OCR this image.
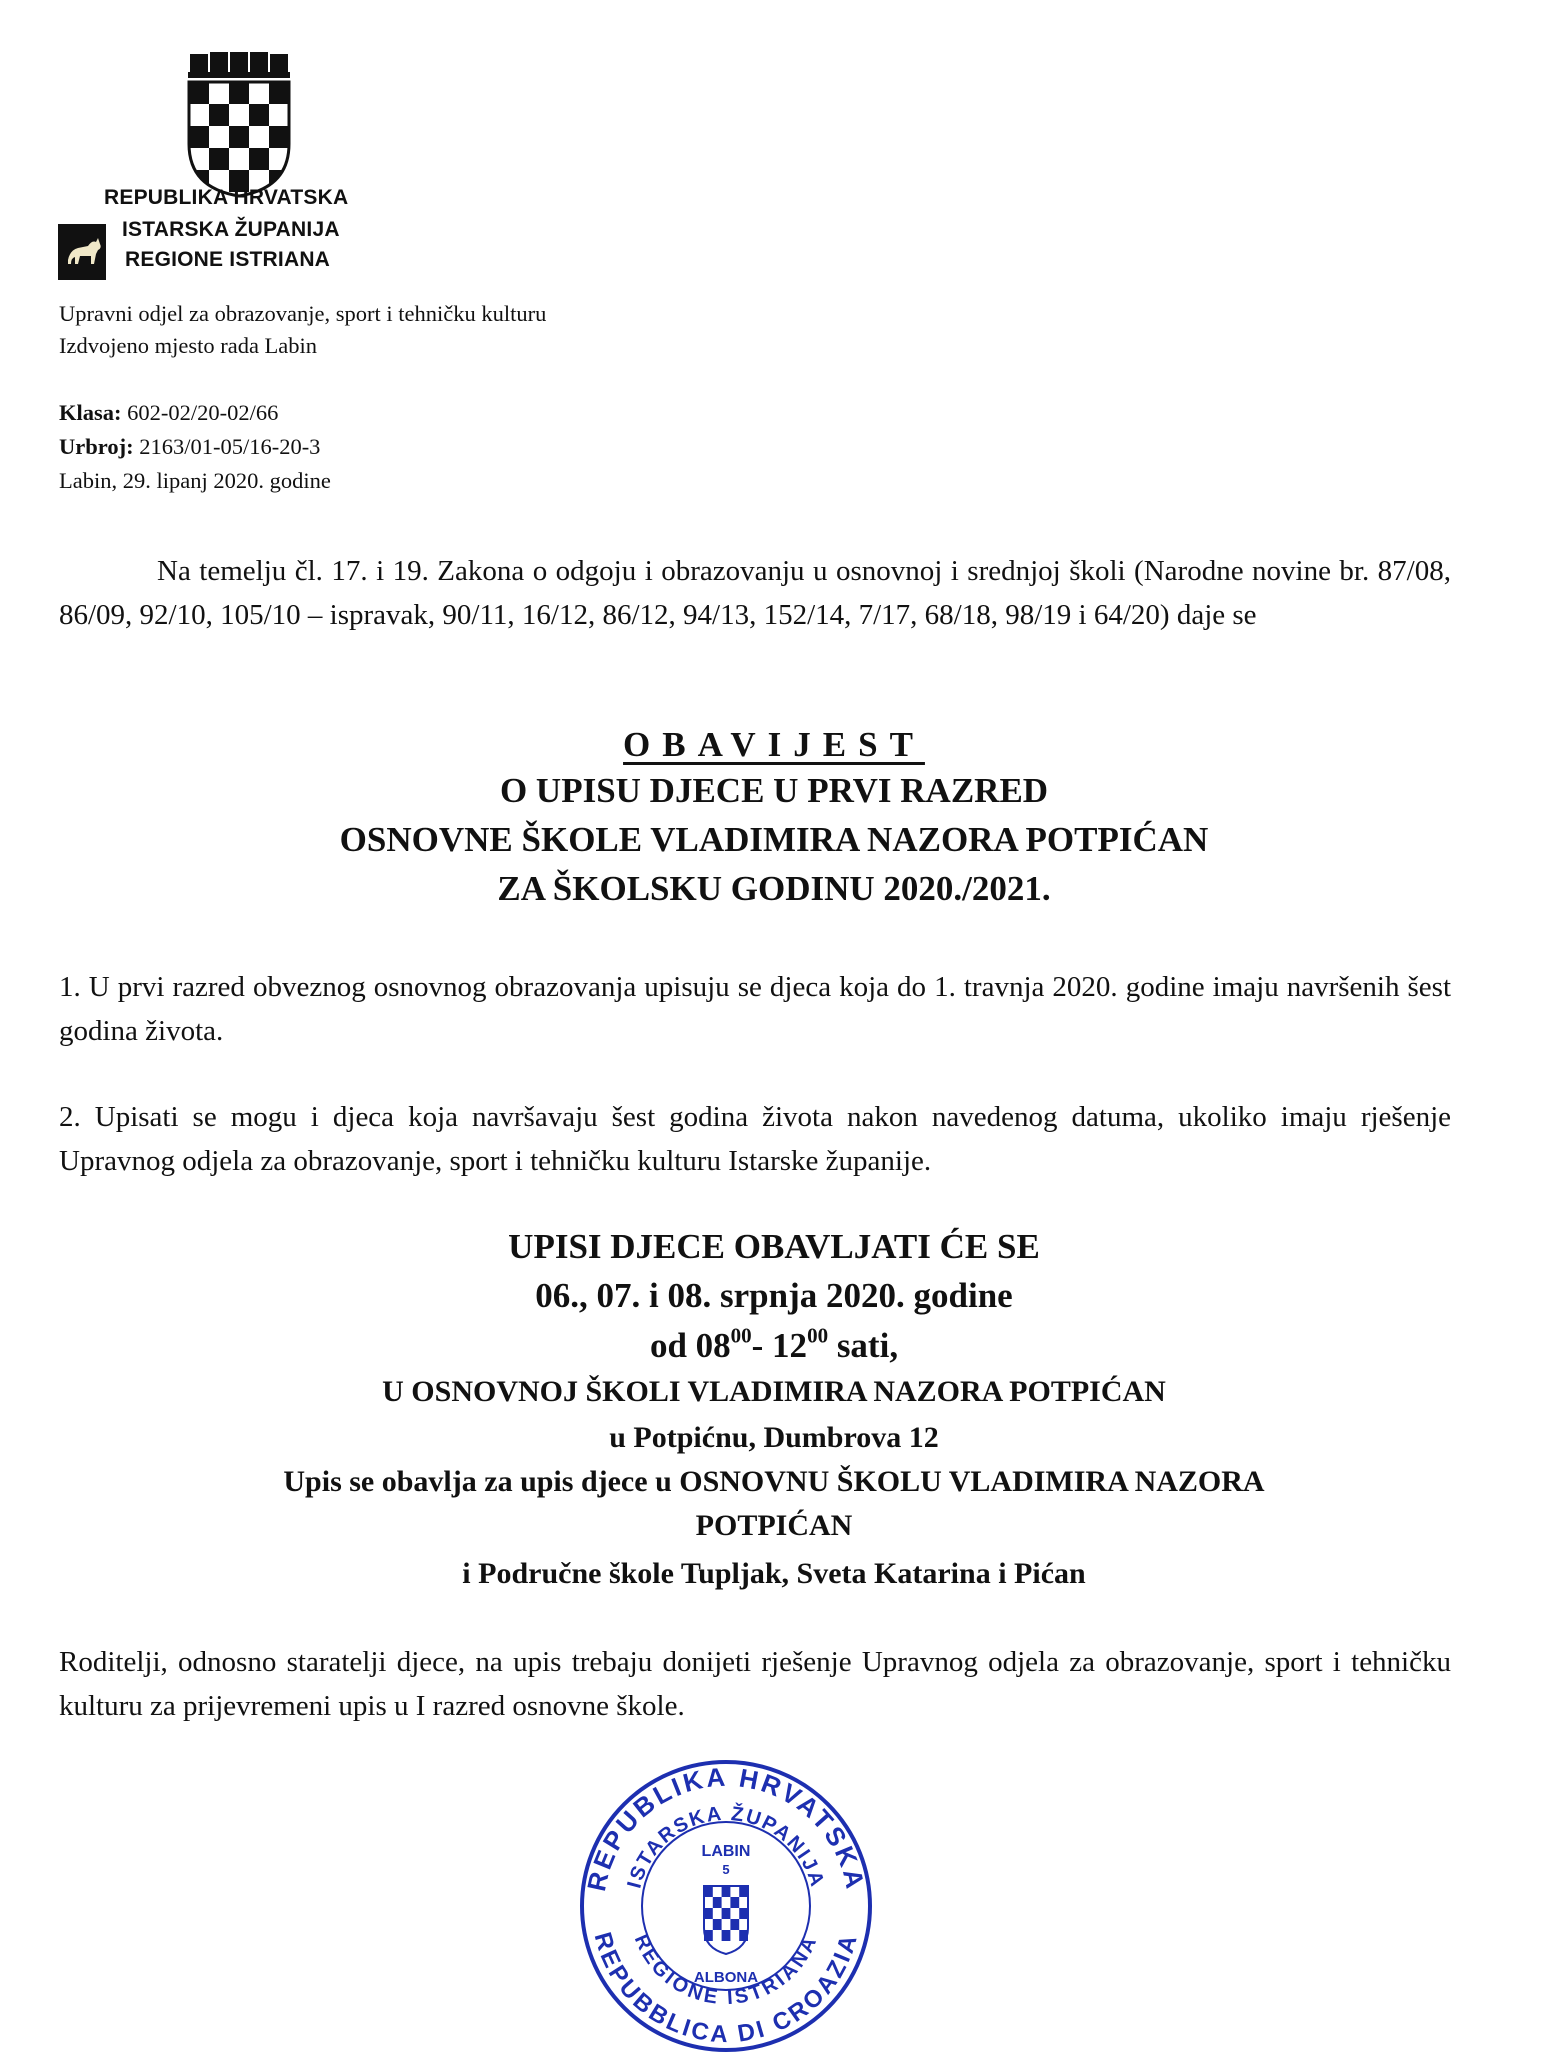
REPUBLIKA HRVATSKA
ISTARSKA ŽUPANIJA
REGIONE ISTRIANA
Upravni odjel za obrazovanje, sport i tehničku kulturu
Izdvojeno mjesto rada Labin
Klasa: 602-02/20-02/66
Urbroj: 2163/01-05/16-20-3
Labin, 29. lipanj 2020. godine

Na temelju čl. 17. i 19. Zakona o odgoju i obrazovanju u osnovnoj i srednjoj školi (Narodne novine br. 87/08, 86/09, 92/10, 105/10 – ispravak, 90/11, 16/12, 86/12, 94/13, 152/14, 7/17, 68/18, 98/19 i 64/20) daje se

OBAVIJEST
O UPISU DJECE U PRVI RAZRED
OSNOVNE ŠKOLE VLADIMIRA NAZORA POTPIĆAN
ZA ŠKOLSKU GODINU 2020./2021.

1. U prvi razred obveznog osnovnog obrazovanja upisuju se djeca koja do 1. travnja 2020. godine imaju navršenih šest godina života.

2. Upisati se mogu i djeca koja navršavaju šest godina života nakon navedenog datuma, ukoliko imaju rješenje Upravnog odjela za obrazovanje, sport i tehničku kulturu Istarske županije.

UPISI DJECE OBAVLJATI ĆE SE
06., 07. i 08. srpnja 2020. godine
od $08^{00}-$ $12^{00}$ sati,
U OSNOVNOJ ŠKOLI VLADIMIRA NAZORA POTPIĆAN
u Potpićnu, Dumbrova 12
Upis se obavlja za upis djece u OSNOVNU ŠKOLU VLADIMIRA NAZORA
POTPIĆAN
i Područne škole Tupljak, Sveta Katarina i Pićan

Roditelji, odnosno staratelji djece, na upis trebaju donijeti rješenje Upravnog odjela za obrazovanje, sport i tehničku kulturu za prijevremeni upis u I razred osnovne škole.

REPUBLIKA HRVATSKA
ISTARSKA ŽUPANIJA
LABIN
5
ALBONA
REGIONE ISTRIANA
REPUBBLICA DI CROAZIA
